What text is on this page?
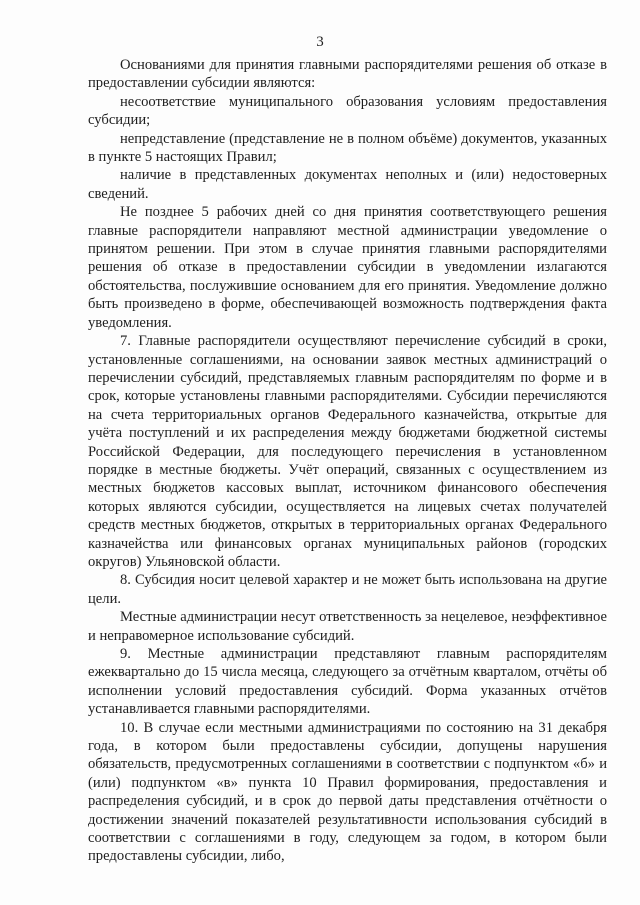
3

Основаниями для принятия главными распорядителями решения об отказе в предоставлении субсидии являются:

несоответствие муниципального образования условиям предоставления субсидии;

непредставление (представление не в полном объёме) документов, указанных в пункте 5 настоящих Правил;

наличие в представленных документах неполных и (или) недостоверных сведений.

Не позднее 5 рабочих дней со дня принятия соответствующего решения главные распорядители направляют местной администрации уведомление о принятом решении. При этом в случае принятия главными распорядителями решения об отказе в предоставлении субсидии в уведомлении излагаются обстоятельства, послужившие основанием для его принятия. Уведомление должно быть произведено в форме, обеспечивающей возможность подтверждения факта уведомления.

7. Главные распорядители осуществляют перечисление субсидий в сроки, установленные соглашениями, на основании заявок местных администраций о перечислении субсидий, представляемых главным распорядителям по форме и в срок, которые установлены главными распорядителями. Субсидии перечисляются на счета территориальных органов Федерального казначейства, открытые для учёта поступлений и их распределения между бюджетами бюджетной системы Российской Федерации, для последующего перечисления в установленном порядке в местные бюджеты. Учёт операций, связанных с осуществлением из местных бюджетов кассовых выплат, источником финансового обеспечения которых являются субсидии, осуществляется на лицевых счетах получателей средств местных бюджетов, открытых в территориальных органах Федерального казначейства или финансовых органах муниципальных районов (городских округов) Ульяновской области.

8. Субсидия носит целевой характер и не может быть использована на другие цели.

Местные администрации несут ответственность за нецелевое, неэффективное и неправомерное использование субсидий.

9. Местные администрации представляют главным распорядителям ежеквартально до 15 числа месяца, следующего за отчётным кварталом, отчёты об исполнении условий предоставления субсидий. Форма указанных отчётов устанавливается главными распорядителями.

10. В случае если местными администрациями по состоянию на 31 декабря года, в котором были предоставлены субсидии, допущены нарушения обязательств, предусмотренных соглашениями в соответствии с подпунктом «б» и (или) подпунктом «в» пункта 10 Правил формирования, предоставления и распределения субсидий, и в срок до первой даты представления отчётности о достижении значений показателей результативности использования субсидий в соответствии с соглашениями в году, следующем за годом, в котором были предоставлены субсидии, либо,
